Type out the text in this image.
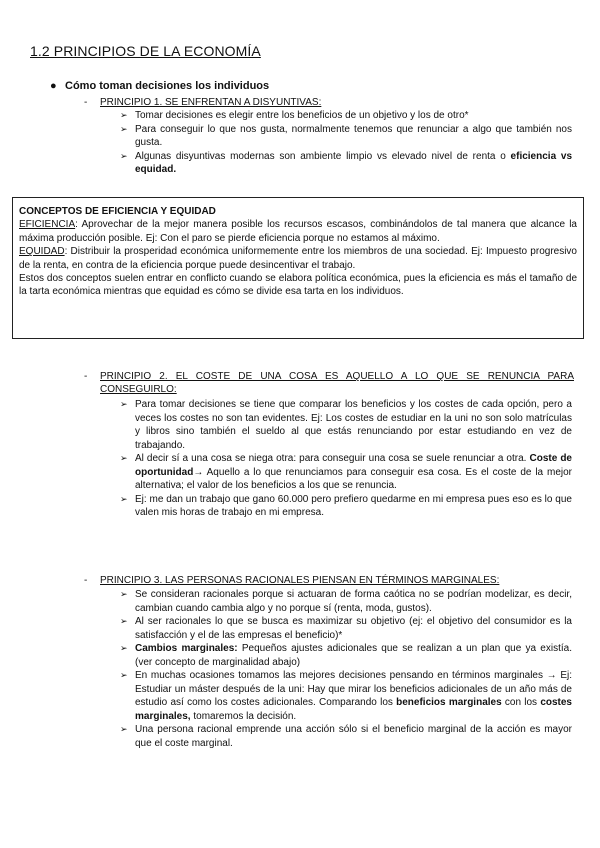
1.2 PRINCIPIOS DE LA ECONOMÍA
● Cómo toman decisiones los individuos
- PRINCIPIO 1. SE ENFRENTAN A DISYUNTIVAS:
➢ Tomar decisiones es elegir entre los beneficios de un objetivo y los de otro*
➢ Para conseguir lo que nos gusta, normalmente tenemos que renunciar a algo que también nos gusta.
➢ Algunas disyuntivas modernas son ambiente limpio vs elevado nivel de renta o eficiencia vs equidad.
CONCEPTOS DE EFICIENCIA Y EQUIDAD
EFICIENCIA: Aprovechar de la mejor manera posible los recursos escasos, combinándolos de tal manera que alcance la máxima producción posible. Ej: Con el paro se pierde eficiencia porque no estamos al máximo.
EQUIDAD: Distribuir la prosperidad económica uniformemente entre los miembros de una sociedad. Ej: Impuesto progresivo de la renta, en contra de la eficiencia porque puede desincentivar el trabajo.
Estos dos conceptos suelen entrar en conflicto cuando se elabora política económica, pues la eficiencia es más el tamaño de la tarta económica mientras que equidad es cómo se divide esa tarta en los individuos.
- PRINCIPIO 2. EL COSTE DE UNA COSA ES AQUELLO A LO QUE SE RENUNCIA PARA CONSEGUIRLO:
➢ Para tomar decisiones se tiene que comparar los beneficios y los costes de cada opción, pero a veces los costes no son tan evidentes. Ej: Los costes de estudiar en la uni no son solo matrículas y libros sino también el sueldo al que estás renunciando por estar estudiando en vez de trabajando.
➢ Al decir sí a una cosa se niega otra: para conseguir una cosa se suele renunciar a otra. Coste de oportunidad→ Aquello a lo que renunciamos para conseguir esa cosa. Es el coste de la mejor alternativa; el valor de los beneficios a los que se renuncia.
➢ Ej: me dan un trabajo que gano 60.000 pero prefiero quedarme en mi empresa pues eso es lo que valen mis horas de trabajo en mi empresa.
- PRINCIPIO 3. LAS PERSONAS RACIONALES PIENSAN EN TÉRMINOS MARGINALES:
➢ Se consideran racionales porque si actuaran de forma caótica no se podrían modelizar, es decir, cambian cuando cambia algo y no porque sí (renta, moda, gustos).
➢ Al ser racionales lo que se busca es maximizar su objetivo (ej: el objetivo del consumidor es la satisfacción y el de las empresas el beneficio)*
➢ Cambios marginales: Pequeños ajustes adicionales que se realizan a un plan que ya existía. (ver concepto de marginalidad abajo)
➢ En muchas ocasiones tomamos las mejores decisiones pensando en términos marginales → Ej: Estudiar un máster después de la uni: Hay que mirar los beneficios adicionales de un año más de estudio así como los costes adicionales. Comparando los beneficios marginales con los costes marginales, tomaremos la decisión.
➢ Una persona racional emprende una acción sólo si el beneficio marginal de la acción es mayor que el coste marginal.
